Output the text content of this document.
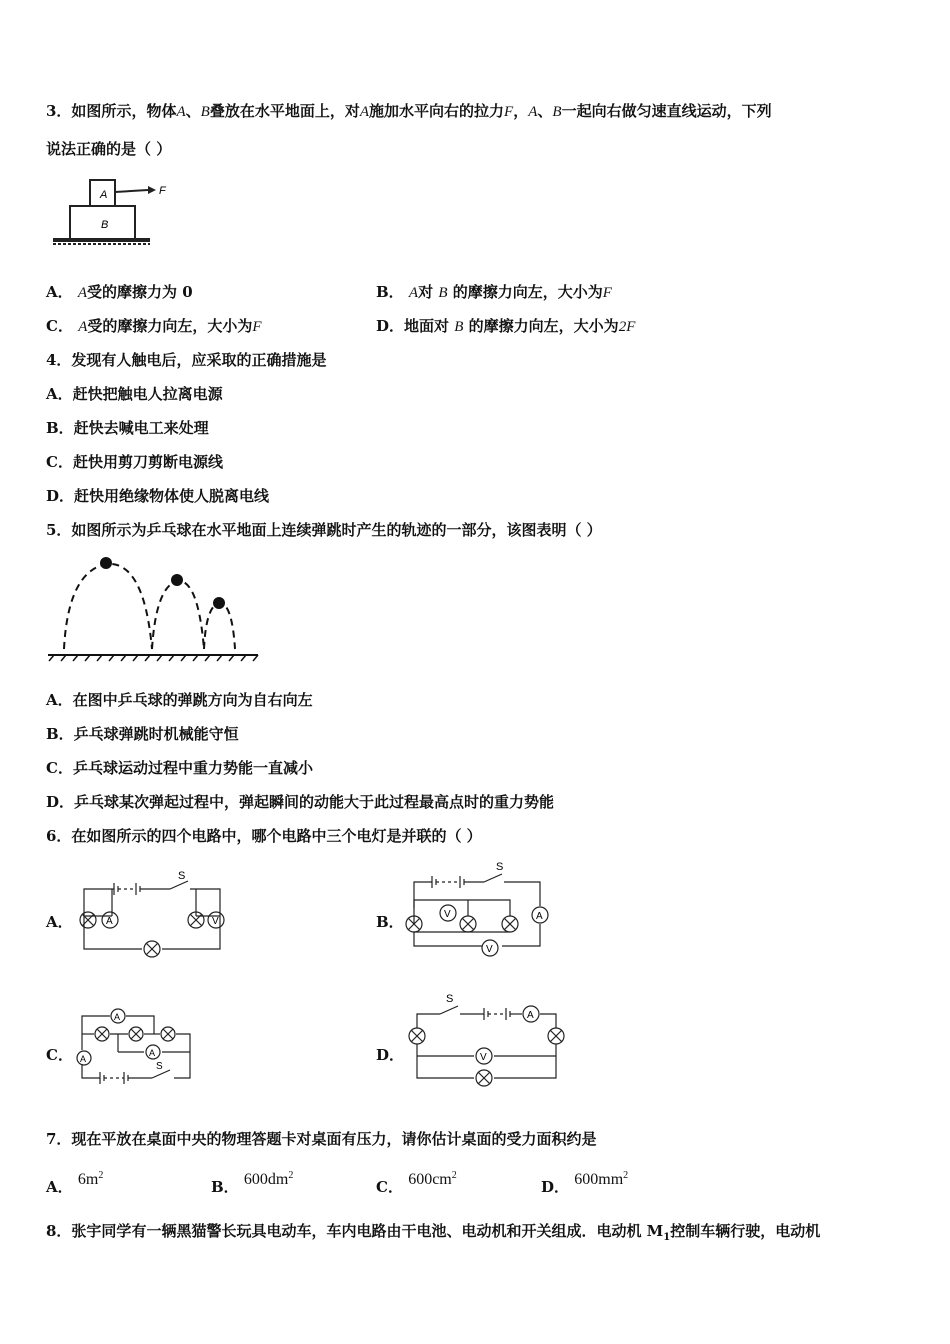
3．如图所示，物体A、B叠放在水平地面上，对A施加水平向右的拉力F，A、B一起向右做匀速直线运动，下列
说法正确的是（ ）
A
B
F
A． A受的摩擦力为 0	B． A对 B 的摩擦力向左，大小为F
C． A受的摩擦力向左，大小为F	D．地面对 B 的摩擦力向左，大小为2F
4．发现有人触电后，应采取的正确措施是
A．赶快把触电人拉离电源
B．赶快去喊电工来处理
C．赶快用剪刀剪断电源线
D．赶快用绝缘物体使人脱离电线
5．如图所示为乒乓球在水平地面上连续弹跳时产生的轨迹的一部分，该图表明（ ）
A．在图中乒乓球的弹跳方向为自右向左
B．乒乓球弹跳时机械能守恒
C．乒乓球运动过程中重力势能一直减小
D．乒乓球某次弹起过程中，弹起瞬间的动能大于此过程最高点时的重力势能
6．在如图所示的四个电路中，哪个电路中三个电灯是并联的（ ）
A．	A	V
S
B．	V	A
V
S
C．
A
A
A
S
D．
A
V
S
7．现在平放在桌面中央的物理答题卡对桌面有压力，请你估计桌面的受力面积约是
A． $6m^2$
B． $600dm^2$
C． $600cm^2$
D． $600mm^2$
8．张宇同学有一辆黑猫警长玩具电动车，车内电路由干电池、电动机和开关组成．电动机 $M_1$控制车辆行驶，电动机
